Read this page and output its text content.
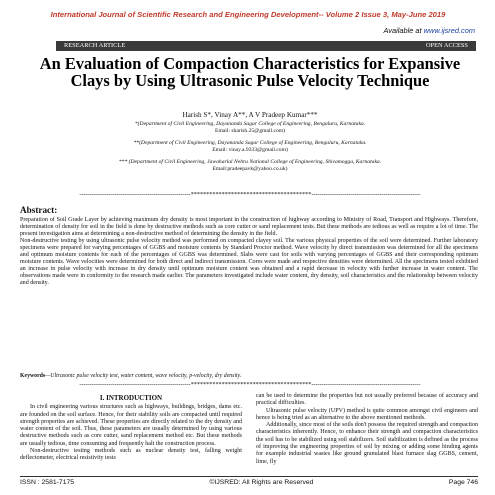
International Journal of Scientific Research and Engineering Development-- Volume 2 Issue 3, May-June 2019
Available at www.ijsred.com
RESEARCH ARTICLE	OPEN ACCESS
An Evaluation of Compaction Characteristics for Expansive Clays by Using Ultrasonic Pulse Velocity Technique
Harish S*, Vinay A**, A V Pradeep Kumar***
*(Department of Civil Engineering, Dayananda Sagar College of Engineering, Bengaluru, Karnataka.
Email: sharish.25@gmail.com)
**(Department of Civil Engineering, Dayananda Sagar College of Engineering, Bengaluru, Karnataka.
Email: vinay.a.9333@gmail.com)
*** (Department of Civil Engineering, Jawaharlal Nehru National College of Engineering, Shivamogga, Karnataka.
Email:pradeepavk@yahoo.co.uk)
------------------------------------------------------***************************************-----------------------------------------------------
Abstract:

Preparation of Soil Grade Layer by achieving maximum dry density is most important in the construction of highway according to Ministry of Road, Transport and Highways. Therefore, determination of density for soil in the field is done by destructive methods such as core cutter or sand replacement tests. But these methods are tedious as well as require a lot of time. The present investigation aims at determining a non-destructive method of determining the density in the field.

Non-destructive testing by using ultrasonic pulse velocity method was performed on compacted clayey soil. The various physical properties of the soil were determined. Further laboratory specimens were prepared for varying percentages of GGBS and moisture contents by Standard Proctor method. Wave velocity by direct transmission was determined for all the specimens and optimum moisture contents for each of the percentages of GGBS was determined. Slabs were cast for soils with varying percentages of GGBS and their corresponding optimum moisture contents. Wave velocities were determined for both direct and indirect transmission. Cores were made and respective densities were determined. All the specimens tested exhibited an increase in pulse velocity with increase in dry density until optimum moisture content was obtained and a rapid decrease in velocity with further increase in water content. The observations made were in conformity to the research made earlier. The parameters investigated include water content, dry density, soil characteristics and the relationship between velocity and density.

Keywords—Ultrasonic pulse velocity test, water content, wave velocity, p-velocity, dry density.
------------------------------------------------------***************************************-----------------------------------------------------
I. INTRODUCTION

In civil engineering various structures such as highways, buildings, bridges, dams etc. are founded on the soil surface. Hence, for their stability soils are compacted until required strength properties are achieved. These properties are directly related to the dry density and water content of the soil. Thus, these parameters are usually determined by using various destructive methods such as core cutter, sand replacement method etc. But these methods are usually tedious, time consuming and frequently halt the construction process.

Non-destructive testing methods such as nuclear density test, falling weight deflectometer, electrical resistivity tests

can be used to determine the properties but not usually preferred because of accuracy and practical difficulties.

Ultrasonic pulse velocity (UPV) method is quite common amongst civil engineers and hence is being tried as an alternative to the above mentioned methods.

Additionally, since most of the soils don't possess the required strength and compaction characteristics inherently. Hence, to enhance their strength and compaction characteristics the soil has to be stabilized using soil stabilizers. Soil stabilization is defined as the process of improving the engineering properties of soil by mixing or adding some binding agents for example industrial wastes like ground granulated blast furnace slag GGBS, cement, lime, fly

ISSN : 2581-7175	©IJSRED: All Rights are Reserved	Page 746
